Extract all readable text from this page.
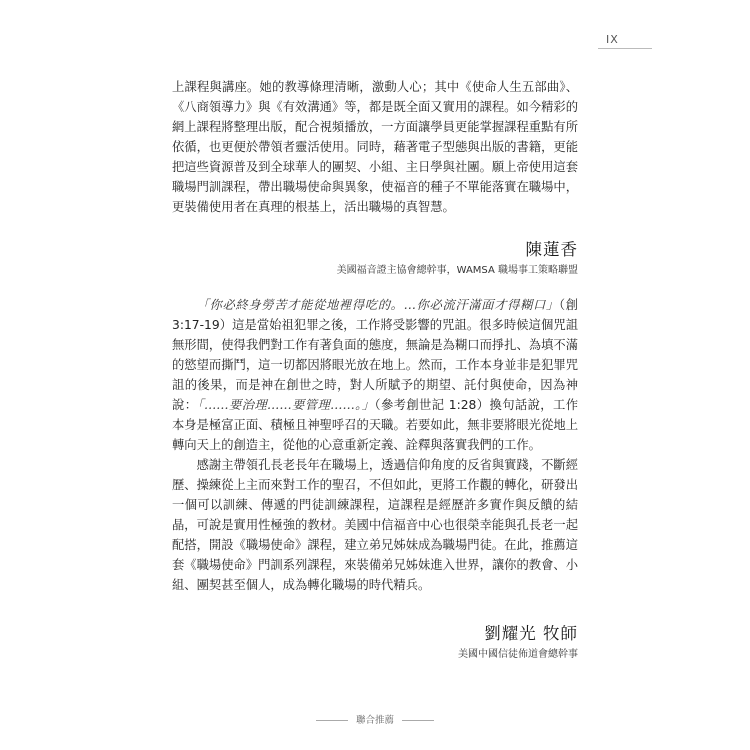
IX

上課程與講座。她的教導條理清晰，激動人心；其中《使命人生五部曲》、《八商領導力》與《有效溝通》等，都是既全面又實用的課程。如今精彩的網上課程將整理出版，配合視頻播放，一方面讓學員更能掌握課程重點有所依循，也更便於帶領者靈活使用。同時，藉著電子型態與出版的書籍，更能把這些資源普及到全球華人的團契、小組、主日學與社團。願上帝使用這套職場門訓課程，帶出職場使命與異象，使福音的種子不單能落實在職場中，更裝備使用者在真理的根基上，活出職場的真智慧。

陳蓮香
美國福音證主協會總幹事，WAMSA 職場事工策略聯盟

「你必終身勞苦才能從地裡得吃的。…你必流汗滿面才得糊口」（創3:17-19）這是當始祖犯罪之後，工作將受影響的咒詛。很多時候這個咒詛無形間，使得我們對工作有著負面的態度，無論是為糊口而掙扎、為填不滿的慾望而撕鬥，這一切都因將眼光放在地上。然而，工作本身並非是犯罪咒詛的後果，而是神在創世之時，對人所賦予的期望、託付與使命，因為神說：「……要治理……要管理……。」（參考創世記 1:28）換句話說，工作本身是極富正面、積極且神聖呼召的天職。若要如此，無非要將眼光從地上轉向天上的創造主，從他的心意重新定義、詮釋與落實我們的工作。

感謝主帶領孔長老長年在職場上，透過信仰角度的反省與實踐，不斷經歷、操練從上主而來對工作的聖召，不但如此，更將工作觀的轉化，研發出一個可以訓練、傳遞的門徒訓練課程，這課程是經歷許多實作與反饋的結晶，可說是實用性極強的教材。美國中信福音中心也很榮幸能與孔長老一起配搭，開設《職場使命》課程，建立弟兄姊妹成為職場門徒。在此，推薦這套《職場使命》門訓系列課程，來裝備弟兄姊妹進入世界，讓你的教會、小組、團契甚至個人，成為轉化職場的時代精兵。

劉耀光 牧師
美國中國信徒佈道會總幹事
聯合推薦
